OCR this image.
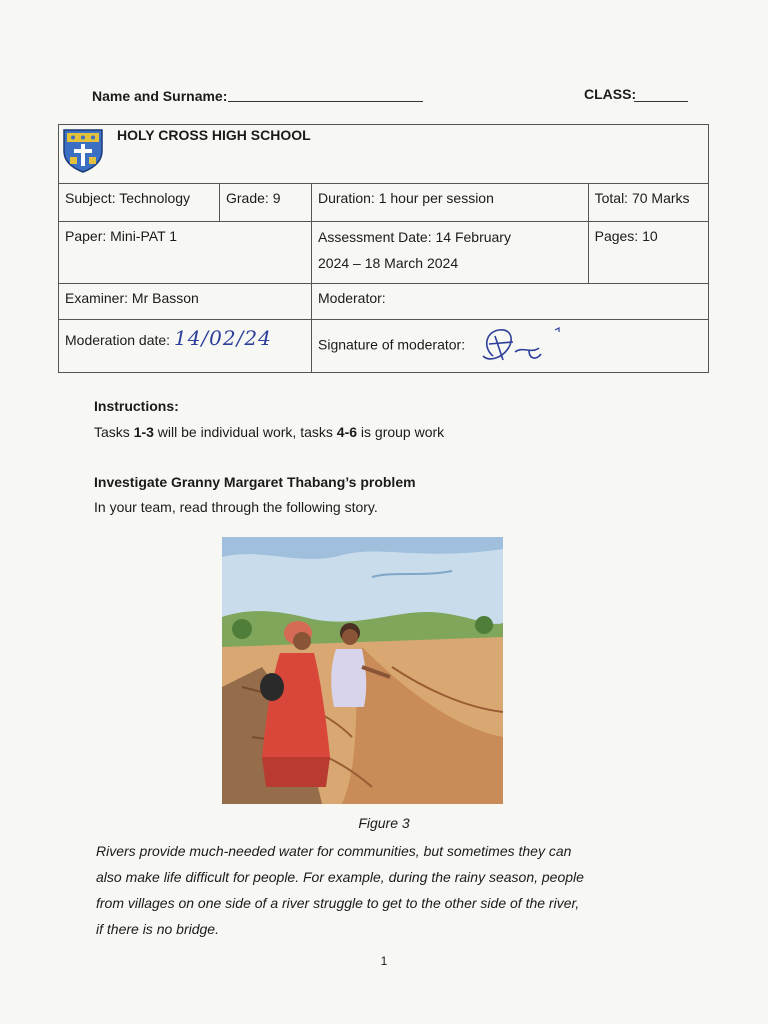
Name and Surname:	CLASS:
HOLY CROSS HIGH SCHOOL			

Subject: Technology	Grade: 9	Duration: 1 hour per session	Total: 70 Marks
Paper: Mini-PAT 1		Assessment Date: 14 February
2024 – 18 March 2024	Pages: 10
Examiner: Mr Basson		Moderator:	
Moderation date: 14/02/24		Signature of moderator:	
Instructions:
Tasks 1-3 will be individual work, tasks 4-6 is group work
Investigate Granny Margaret Thabang’s problem
In your team, read through the following story.
Figure 3
Rivers provide much-needed water for communities, but sometimes they can
also make life difficult for people. For example, during the rainy season, people
from villages on one side of a river struggle to get to the other side of the river,
if there is no bridge.
1
